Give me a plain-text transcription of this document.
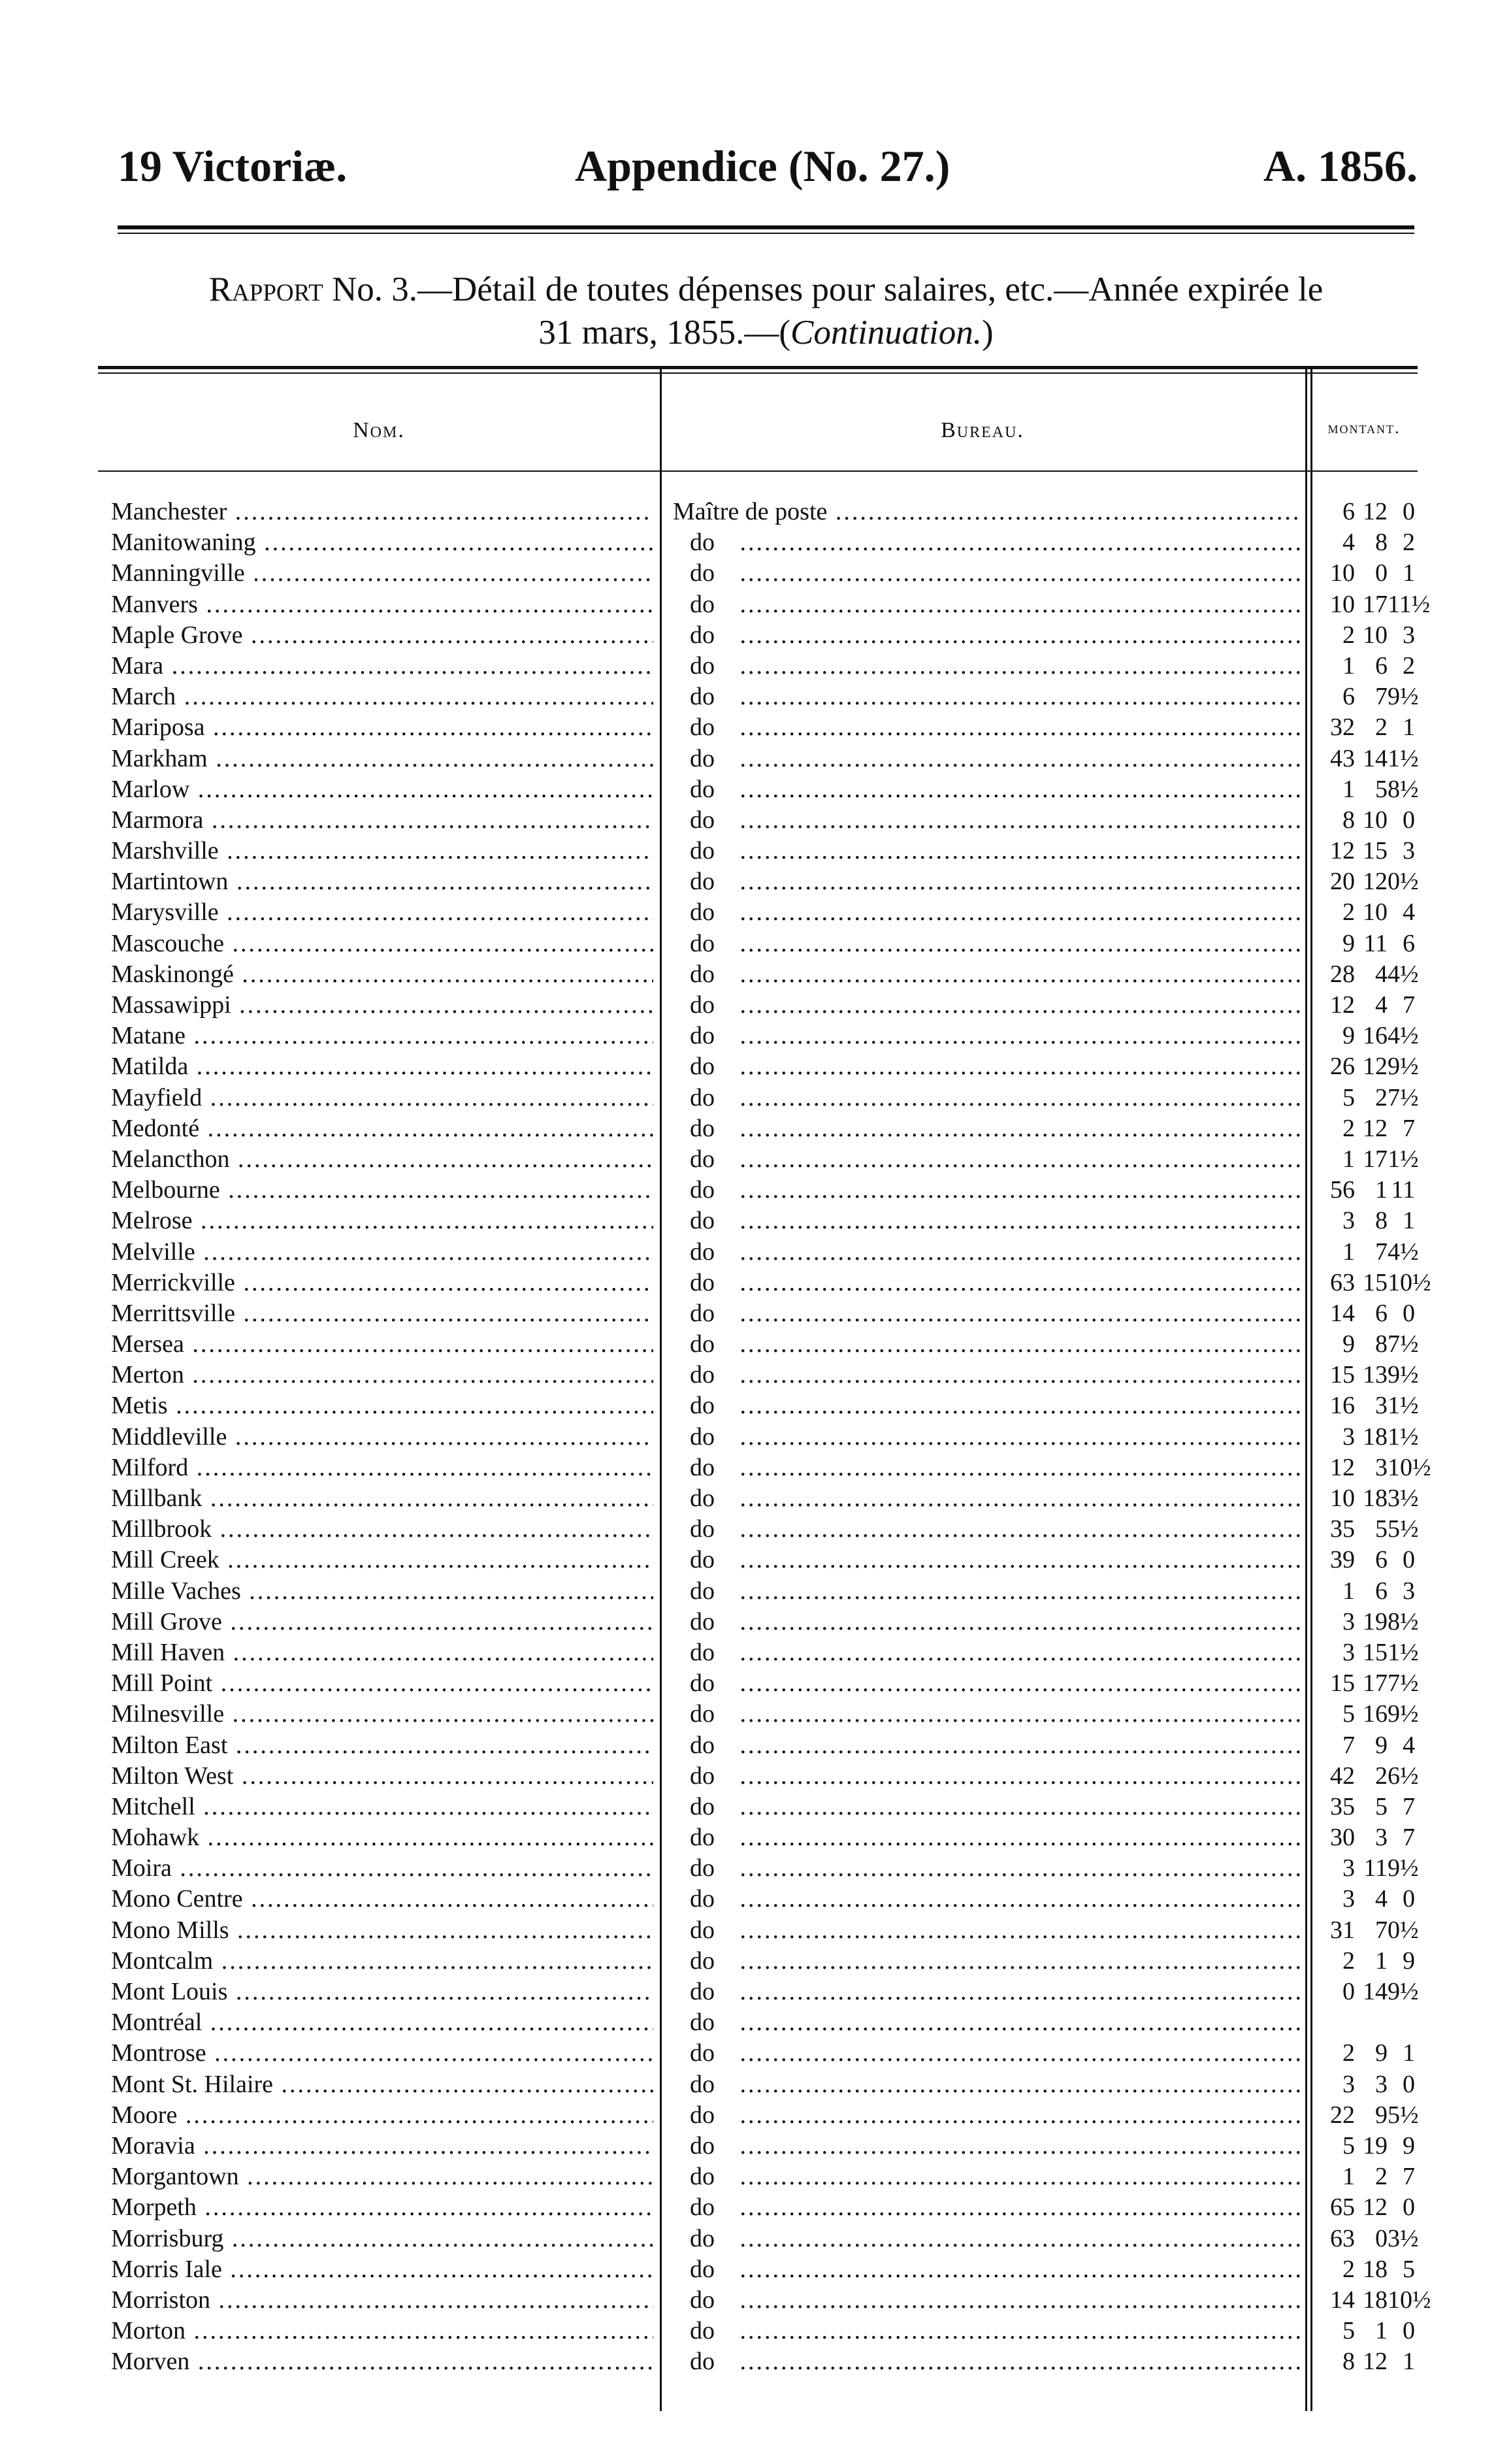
19 Victoriæ.	Appendice (No. 27.)	A. 1856.
Rapport No. 3.—Détail de toutes dépenses pour salaires, etc.—Année expirée le
31 mars, 1855.—(Continuation.)
Nom.	Bureau.	montant.
Manchester .....	Maître de poste .....	6 12 0
Manitowaning .....	do .....	4 8 2
Manningville .....	do .....	10 0 1
Manvers .....	do .....	10 1711½
Maple Grove .....	do .....	2 10 3
Mara .....	do .....	1 6 2
March .....	do .....	6 79½
Mariposa .....	do .....	32 2 1
Markham .....	do .....	43 141½
Marlow .....	do .....	1 58½
Marmora .....	do .....	8 10 0
Marshville .....	do .....	12 15 3
Martintown .....	do .....	20 120½
Marysville .....	do .....	2 10 4
Mascouche .....	do .....	9 11 6
Maskinongé .....	do .....	28 44½
Massawippi .....	do .....	12 4 7
Matane .....	do .....	9 164½
Matilda .....	do .....	26 129½
Mayfield .....	do .....	5 27½
Medonté .....	do .....	2 12 7
Melancthon .....	do .....	1 171½
Melbourne .....	do .....	56 1 11
Melrose .....	do .....	3 8 1
Melville .....	do .....	1 74½
Merrickville .....	do .....	63 1510½
Merrittsville .....	do .....	14 6 0
Mersea .....	do .....	9 87½
Merton .....	do .....	15 139½
Metis .....	do .....	16 31½
Middleville .....	do .....	3 181½
Milford .....	do .....	12 310½
Millbank .....	do .....	10 183½
Millbrook .....	do .....	35 55½
Mill Creek .....	do .....	39 6 0
Mille Vaches .....	do .....	1 6 3
Mill Grove .....	do .....	3 198½
Mill Haven .....	do .....	3 151½
Mill Point .....	do .....	15 177½
Milnesville .....	do .....	5 169½
Milton East .....	do .....	7 9 4
Milton West .....	do .....	42 26½
Mitchell .....	do .....	35 5 7
Mohawk .....	do .....	30 3 7
Moira .....	do .....	3 119½
Mono Centre .....	do .....	3 4 0
Mono Mills .....	do .....	31 70½
Montcalm .....	do .....	2 1 9
Mont Louis .....	do .....	0 149½
Montréal .....	do .....
Montrose .....	do .....	2 9 1
Mont St. Hilaire .....	do .....	3 3 0
Moore .....	do .....	22 95½
Moravia .....	do .....	5 19 9
Morgantown .....	do .....	1 2 7
Morpeth .....	do .....	65 12 0
Morrisburg .....	do .....	63 03½
Morris Iale .....	do .....	2 18 5
Morriston .....	do .....	14 1810½
Morton .....	do .....	5 1 0
Morven .....	do .....	8 12 1
